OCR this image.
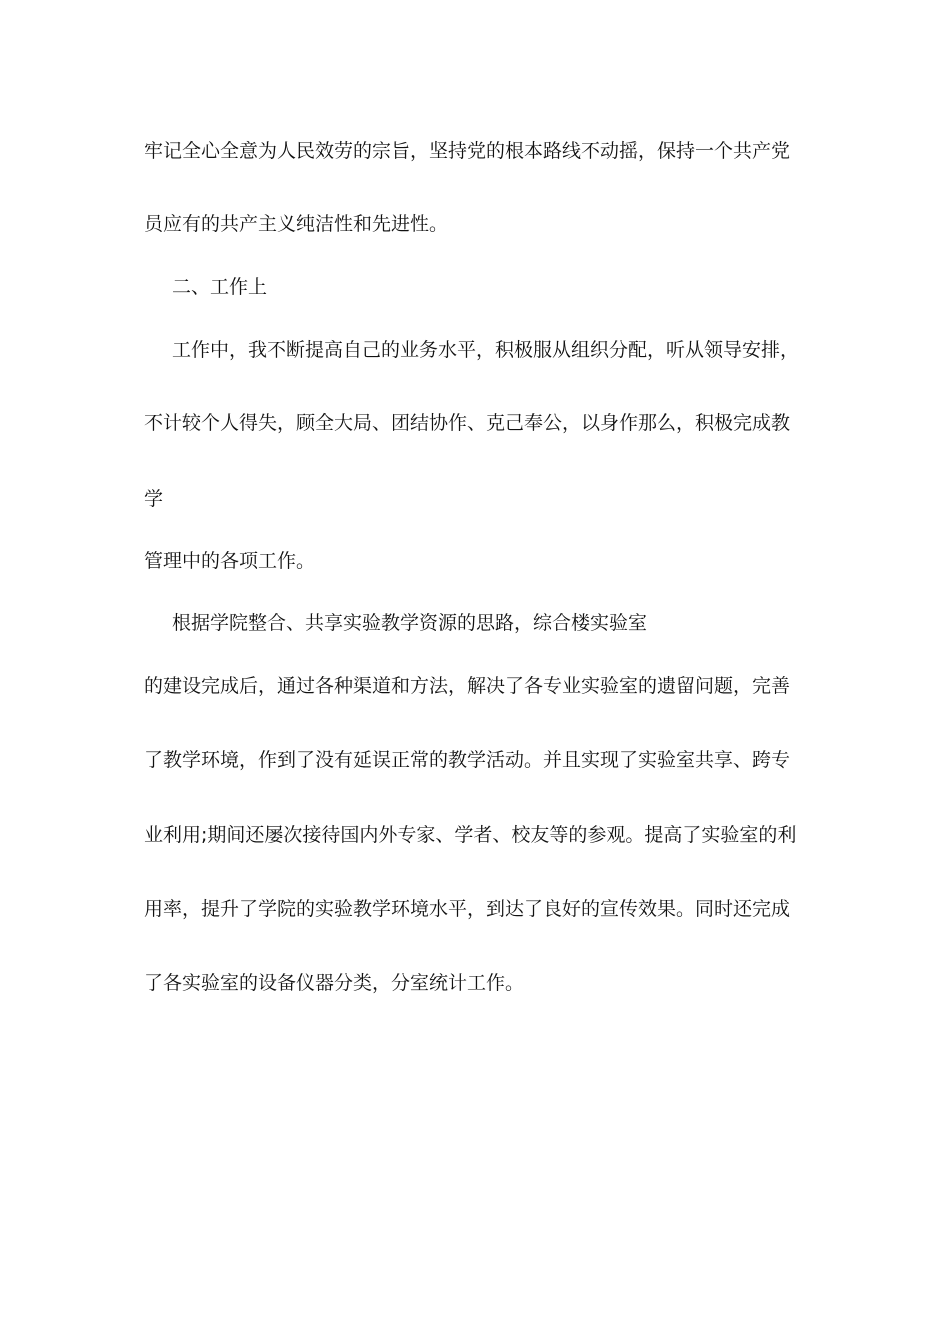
牢记全心全意为人民效劳的宗旨，坚持党的根本路线不动摇，保持一个共产党
员应有的共产主义纯洁性和先进性。
二、工作上
工作中，我不断提高自己的业务水平，积极服从组织分配，听从领导安排，
不计较个人得失，顾全大局、团结协作、克己奉公，以身作那么，积极完成教
学
管理中的各项工作。
根据学院整合、共享实验教学资源的思路，综合楼实验室
的建设完成后，通过各种渠道和方法，解决了各专业实验室的遗留问题，完善
了教学环境，作到了没有延误正常的教学活动。并且实现了实验室共享、跨专
业利用;期间还屡次接待国内外专家、学者、校友等的参观。提高了实验室的利
用率，提升了学院的实验教学环境水平，到达了良好的宣传效果。同时还完成
了各实验室的设备仪器分类，分室统计工作。
